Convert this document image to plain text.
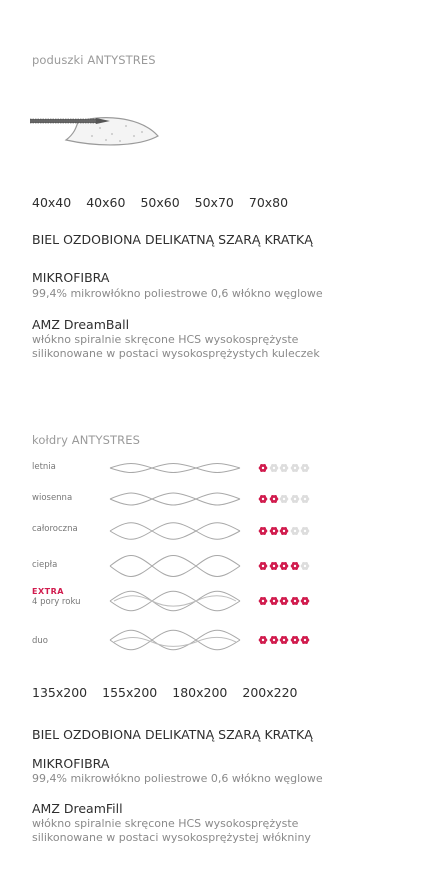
poduszki ANTYSTRES
40x40 40x60 50x60 50x70 70x80
BIEL OZDOBIONA DELIKATNĄ SZARĄ KRATKĄ
MIKROFIBRA
99,4% mikrowłókno poliestrowe 0,6 włókno węglowe
AMZ DreamBall
włókno spiralnie skręcone HCS wysokosprężyste
silikonowane w postaci wysokosprężystych kuleczek
kołdry ANTYSTRES
letnia
wiosenna
całoroczna
ciepła
EXTRA
4 pory roku
duo
135x200 155x200 180x200 200x220
BIEL OZDOBIONA DELIKATNĄ SZARĄ KRATKĄ
MIKROFIBRA
99,4% mikrowłókno poliestrowe 0,6 włókno węglowe
AMZ DreamFill
włókno spiralnie skręcone HCS wysokosprężyste
silikonowane w postaci wysokosprężystej włókniny
